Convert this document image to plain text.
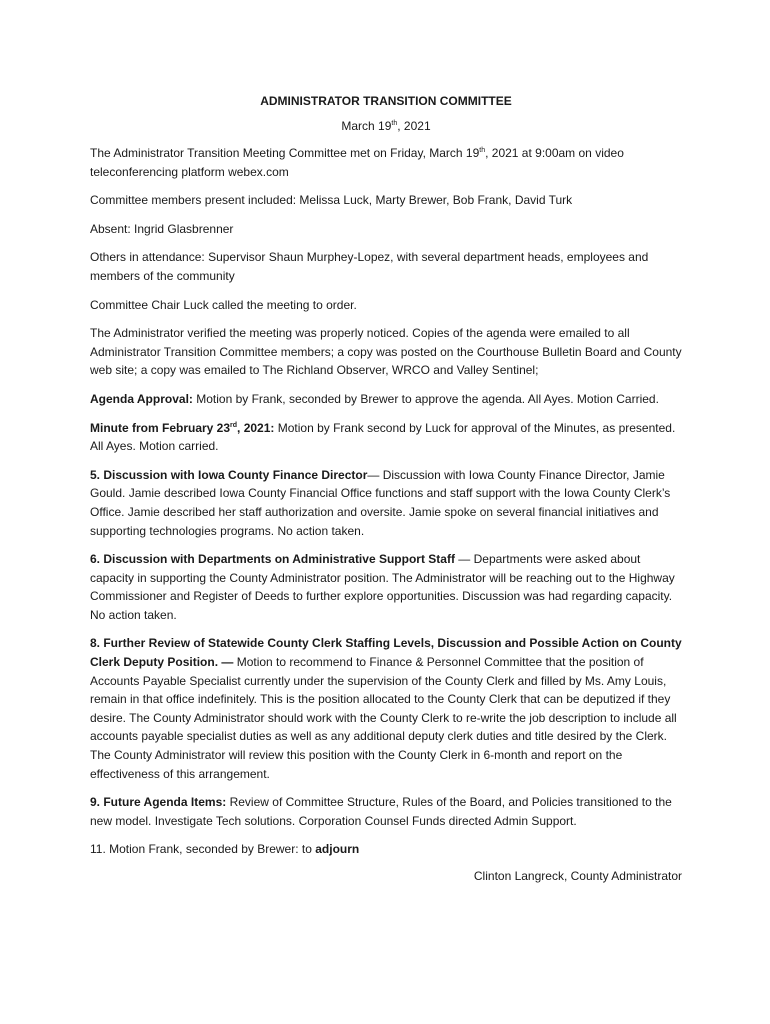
ADMINISTRATOR TRANSITION COMMITTEE
March 19th, 2021

The Administrator Transition Meeting Committee met on Friday, March 19th, 2021 at 9:00am on video teleconferencing platform webex.com

Committee members present included: Melissa Luck, Marty Brewer, Bob Frank, David Turk

Absent: Ingrid Glasbrenner

Others in attendance: Supervisor Shaun Murphey-Lopez, with several department heads, employees and members of the community

Committee Chair Luck called the meeting to order.

The Administrator verified the meeting was properly noticed. Copies of the agenda were emailed to all Administrator Transition Committee members; a copy was posted on the Courthouse Bulletin Board and County web site; a copy was emailed to The Richland Observer, WRCO and Valley Sentinel;

Agenda Approval: Motion by Frank, seconded by Brewer to approve the agenda. All Ayes. Motion Carried.

Minute from February 23rd, 2021: Motion by Frank second by Luck for approval of the Minutes, as presented. All Ayes. Motion carried.

5. Discussion with Iowa County Finance Director— Discussion with Iowa County Finance Director, Jamie Gould. Jamie described Iowa County Financial Office functions and staff support with the Iowa County Clerk’s Office. Jamie described her staff authorization and oversite. Jamie spoke on several financial initiatives and supporting technologies programs. No action taken.

6. Discussion with Departments on Administrative Support Staff — Departments were asked about capacity in supporting the County Administrator position. The Administrator will be reaching out to the Highway Commissioner and Register of Deeds to further explore opportunities. Discussion was had regarding capacity. No action taken.

8. Further Review of Statewide County Clerk Staffing Levels, Discussion and Possible Action on County Clerk Deputy Position. — Motion to recommend to Finance & Personnel Committee that the position of Accounts Payable Specialist currently under the supervision of the County Clerk and filled by Ms. Amy Louis, remain in that office indefinitely. This is the position allocated to the County Clerk that can be deputized if they desire. The County Administrator should work with the County Clerk to re-write the job description to include all accounts payable specialist duties as well as any additional deputy clerk duties and title desired by the Clerk. The County Administrator will review this position with the County Clerk in 6-month and report on the effectiveness of this arrangement.

9. Future Agenda Items: Review of Committee Structure, Rules of the Board, and Policies transitioned to the new model. Investigate Tech solutions. Corporation Counsel Funds directed Admin Support.

11. Motion Frank, seconded by Brewer: to adjourn

Clinton Langreck, County Administrator
